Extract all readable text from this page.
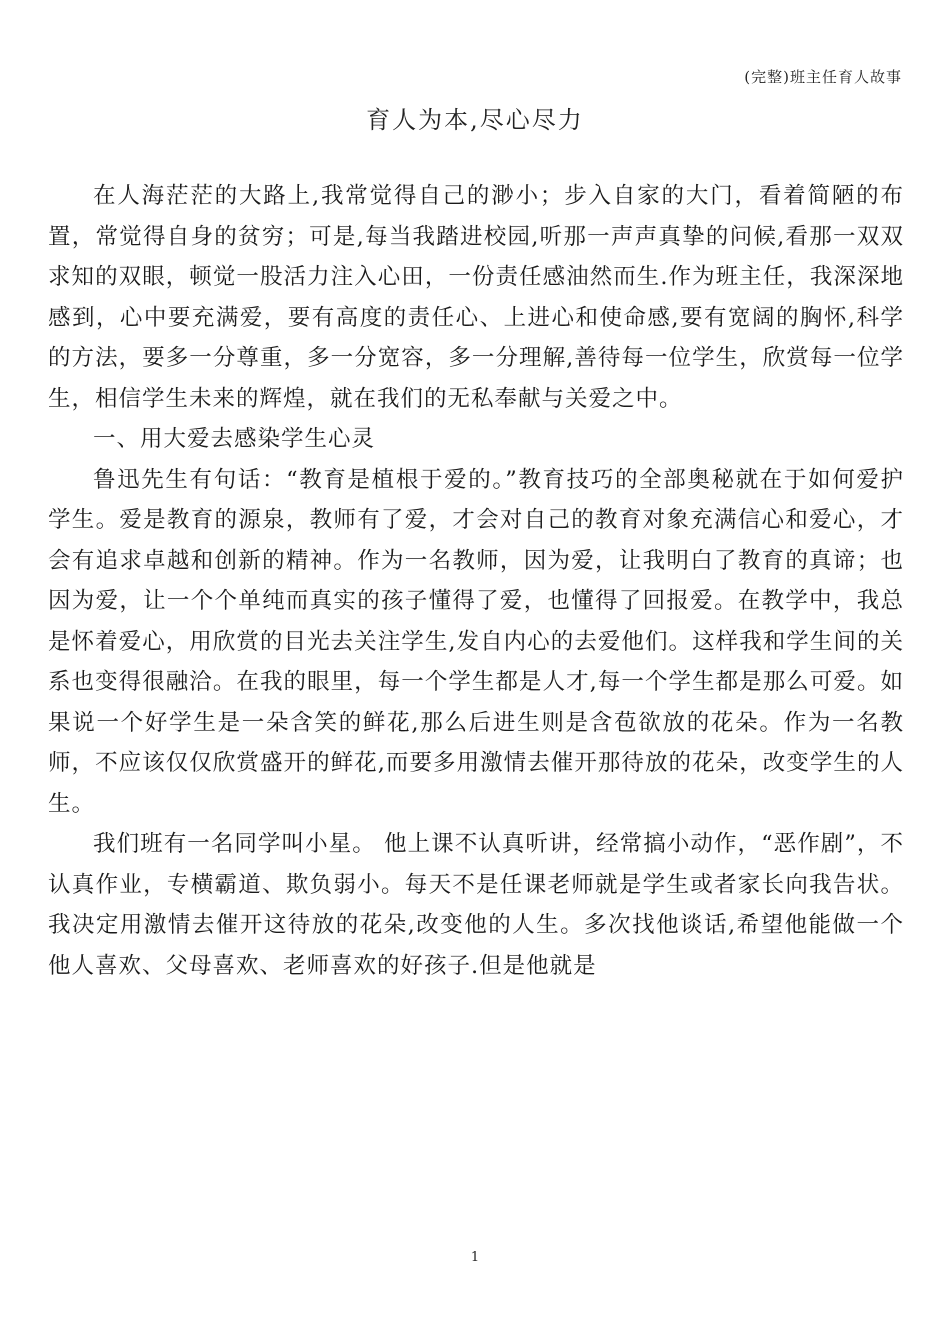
(完整)班主任育人故事
育人为本,尽心尽力

在人海茫茫的大路上,我常觉得自己的渺小；步入自家的大门，看着简陋的布置，常觉得自身的贫穷；可是,每当我踏进校园,听那一声声真挚的问候,看那一双双求知的双眼，顿觉一股活力注入心田，一份责任感油然而生.作为班主任，我深深地感到，心中要充满爱，要有高度的责任心、上进心和使命感,要有宽阔的胸怀,科学的方法，要多一分尊重，多一分宽容，多一分理解,善待每一位学生，欣赏每一位学生，相信学生未来的辉煌，就在我们的无私奉献与关爱之中。

一、用大爱去感染学生心灵

鲁迅先生有句话：“教育是植根于爱的。”教育技巧的全部奥秘就在于如何爱护学生。爱是教育的源泉，教师有了爱，才会对自己的教育对象充满信心和爱心，才会有追求卓越和创新的精神。作为一名教师，因为爱，让我明白了教育的真谛；也因为爱，让一个个单纯而真实的孩子懂得了爱，也懂得了回报爱。在教学中，我总是怀着爱心，用欣赏的目光去关注学生,发自内心的去爱他们。这样我和学生间的关系也变得很融洽。在我的眼里，每一个学生都是人才,每一个学生都是那么可爱。如果说一个好学生是一朵含笑的鲜花,那么后进生则是含苞欲放的花朵。作为一名教师，不应该仅仅欣赏盛开的鲜花,而要多用激情去催开那待放的花朵，改变学生的人生。

我们班有一名同学叫小星。 他上课不认真听讲，经常搞小动作，“恶作剧”，不认真作业，专横霸道、欺负弱小。每天不是任课老师就是学生或者家长向我告状。我决定用激情去催开这待放的花朵,改变他的人生。多次找他谈话,希望他能做一个他人喜欢、父母喜欢、老师喜欢的好孩子.但是他就是

1
